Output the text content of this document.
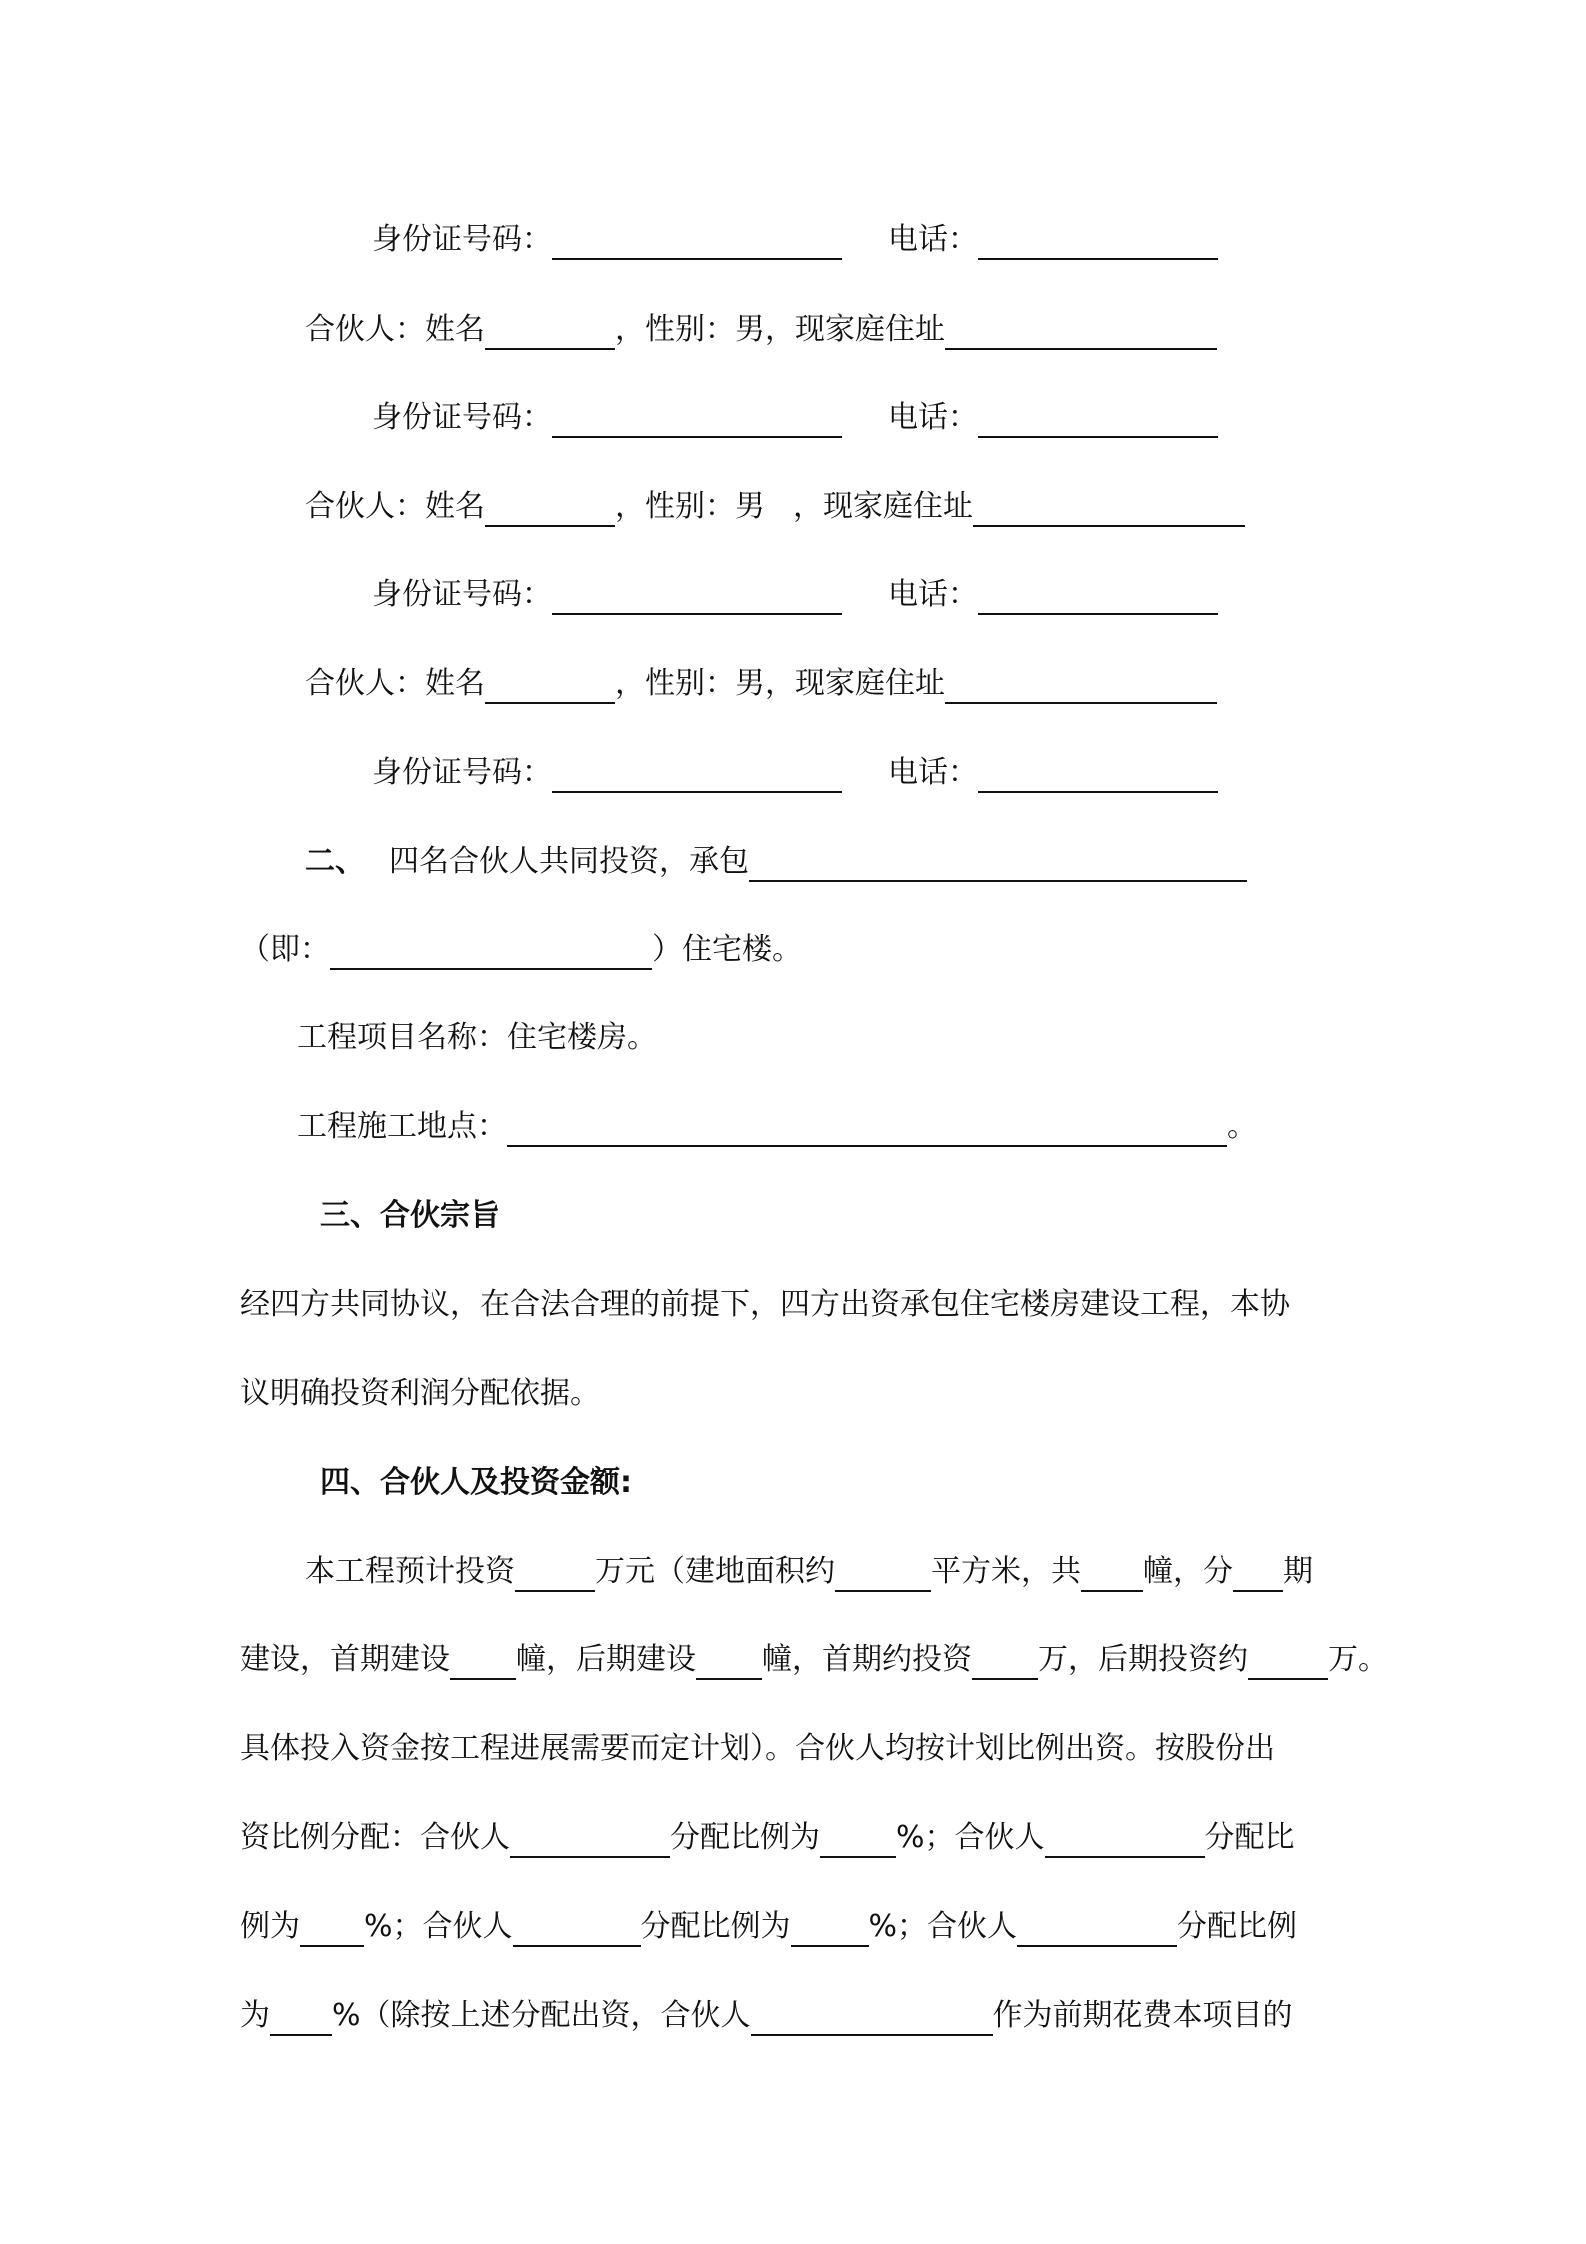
身份证号码：	电话：
合伙人： 姓名	，性别：男，现家庭住址
身份证号码：	电话：
合伙人： 姓名	，性别：男 ，现家庭住址
身份证号码：	电话：
合伙人： 姓名	，性别：男，现家庭住址
身份证号码：	电话：
二、 四名合伙人共同投资，承包
（即：	）住宅楼。
工程项目名称：住宅楼房。
工程施工地点：	。
三、合伙宗旨
经四方共同协议，在合法合理的前提下，四方出资承包住宅楼房建设工程，本协
议明确投资利润分配依据。
四、合伙人及投资金额:
本工程预计投资	万元（建地面积约	平方米，共 幢，分 期
建设，首期建设 幢，后期建设 幢，首期约投资 万，后期投资约	万。
具体投入资金按工程进展需要而定计划）。合伙人均按计划比例出资。按股份出
资比例分配：合伙人	分配比例为	%；合伙人	分配比
例为 %；合伙人	分配比例为	%；合伙人	分配比例
为 %（除按上述分配出资，合伙人	作为前期花费本项目的
